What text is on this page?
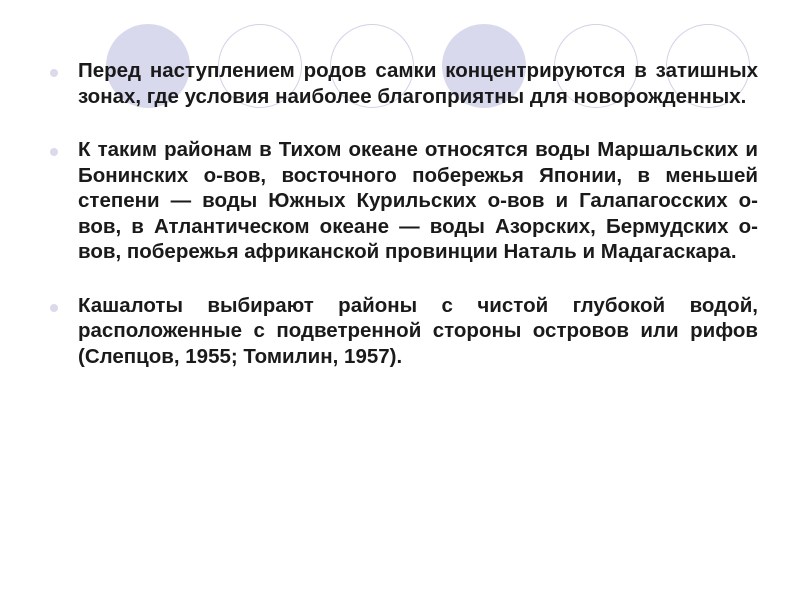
Перед наступлением родов самки концентрируются в затишных зонах, где условия наиболее благоприятны для новорожденных.
К таким районам в Тихом океане относятся воды Маршальских и Бонинских о-вов, восточного побережья Японии, в меньшей степени — воды Южных Курильских о-вов и Галапагосских о-вов, в Атлантическом океане — воды Азорских, Бермудских о-вов, побережья африканской провинции Наталь и Мадагаскара.
Кашалоты выбирают районы с чистой глубокой водой, расположенные с подветренной стороны островов или рифов (Слепцов, 1955; Томилин, 1957).
